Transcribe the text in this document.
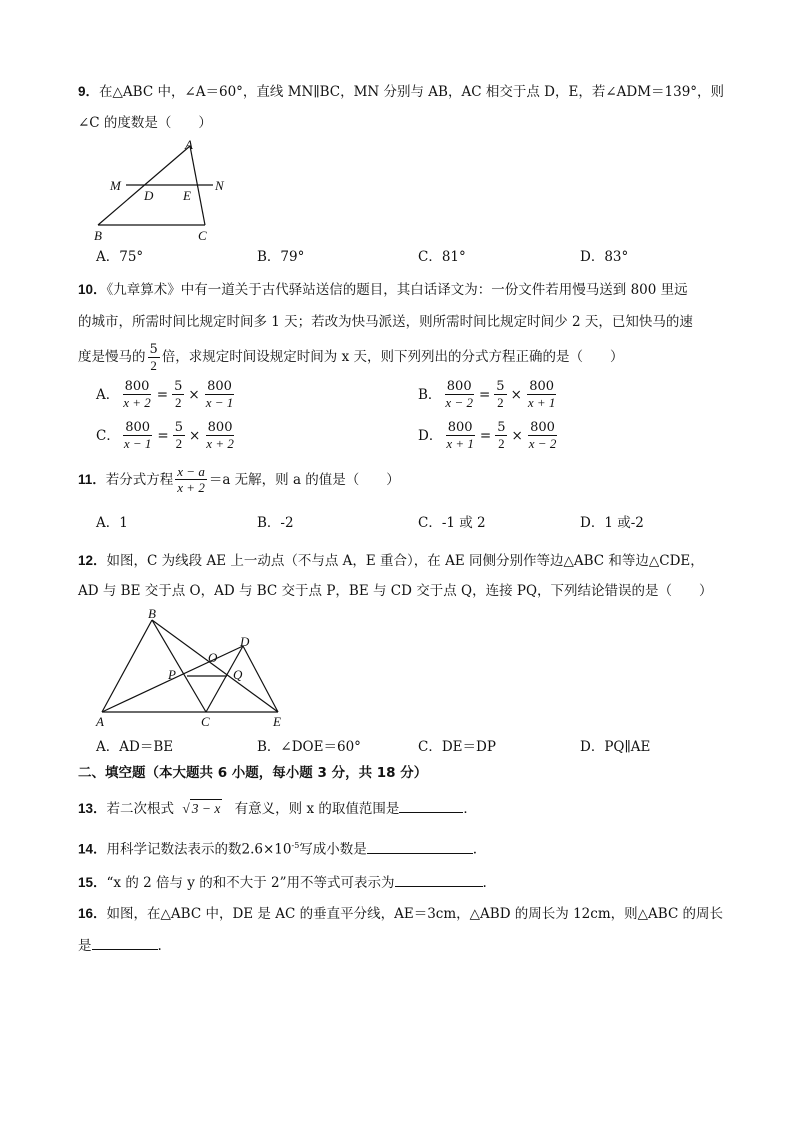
9．在△ABC 中，∠A＝60°，直线 MN∥BC，MN 分别与 AB，AC 相交于点 D，E，若∠ADM＝139°，则
∠C 的度数是（　　）
A
M
D E
N
B	C
A．75°	B．79°	C．81°	D．83°
10．《九章算术》中有一道关于古代驿站送信的题目，其白话译文为：一份文件若用慢马送到 800 里远
的城市，所需时间比规定时间多 1 天；若改为快马派送，则所需时间比规定时间少 2 天，已知快马的速
度是慢马的 $\frac{5}{2}$ 倍，求规定时间设规定时间为 x 天，则下列列出的分式方程正确的是（　　）
A． $\frac{800}{x + 2} = \frac{5}{2} \times \frac{800}{x - 1}$	B． $\frac{800}{x - 2} = \frac{5}{2} \times \frac{800}{x + 1}$
C． $\frac{800}{x - 1} = \frac{5}{2} \times \frac{800}{x + 2}$	D． $\frac{800}{x + 1} = \frac{5}{2} \times \frac{800}{x - 2}$
11． 若分式方程 $\frac{x - a}{x + 2} =a$ 无解，则 a 的值是（　　）
A．1	B．-2	C．-1 或 2	D．1 或-2
12．如图，C 为线段 AE 上一动点（不与点 A，E 重合），在 AE 同侧分别作等边△ABC 和等边△CDE，
AD 与 BE 交于点 O，AD 与 BC 交于点 P，BE 与 CD 交于点 Q，连接 PQ，下列结论错误的是（　　）
B
D
O
P	Q
A	C	E
A．AD＝BE	B．∠DOE＝60°	C．DE＝DP	D．PQ∥AE
二、填空题（本大题共 6 小题，每小题 3 分，共 18 分）
13．若二次根式 √ 3 − x 有意义，则 x 的取值范围是	．
14．用科学记数法表示的数$2.6\times 10^{-5}$写成小数是	.
15．“x 的 2 倍与 y 的和不大于 2”用不等式可表示为	.
16．如图，在△ABC 中，DE 是 AC 的垂直平分线，AE＝3cm，△ABD 的周长为 12cm，则△ABC 的周长
是	.
